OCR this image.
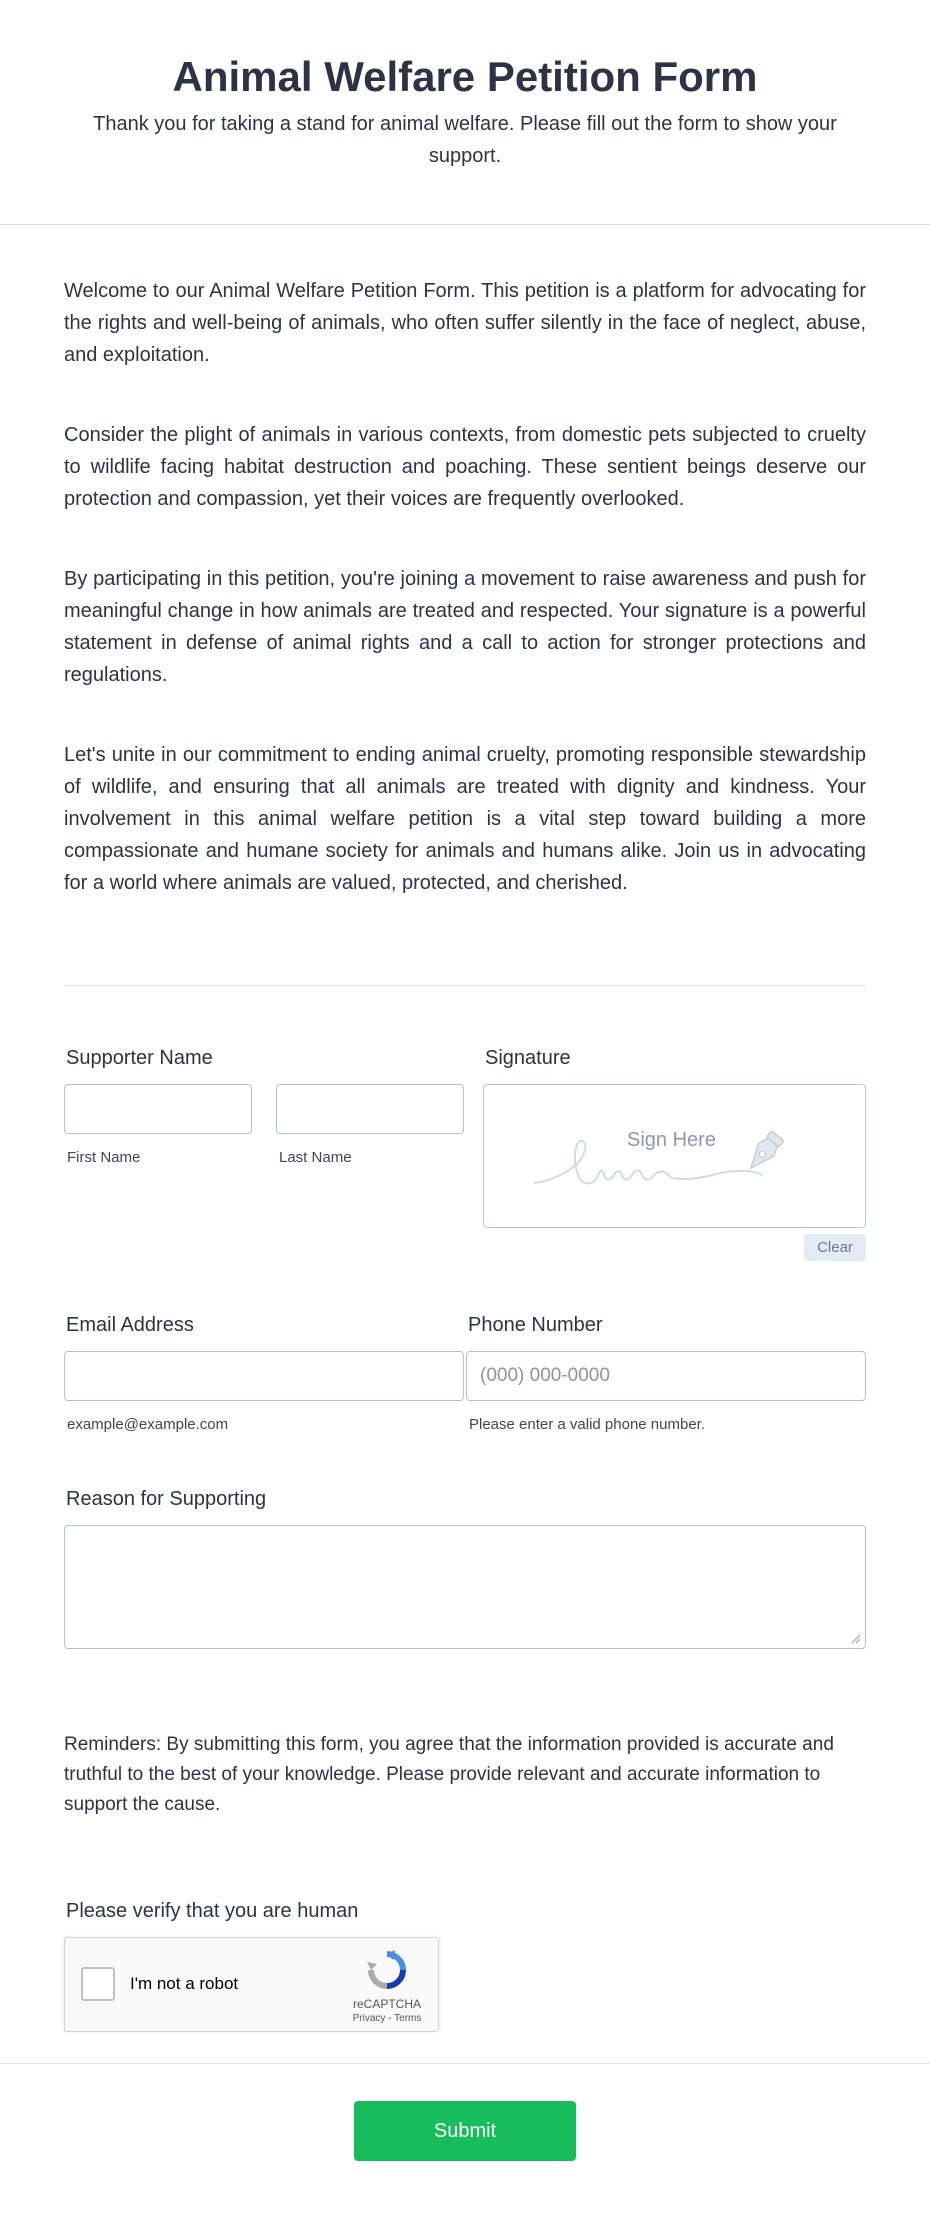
Animal Welfare Petition Form

Thank you for taking a stand for animal welfare. Please fill out the form to show your support.

Welcome to our Animal Welfare Petition Form. This petition is a platform for advocating for the rights and well-being of animals, who often suffer silently in the face of neglect, abuse, and exploitation.

Consider the plight of animals in various contexts, from domestic pets subjected to cruelty to wildlife facing habitat destruction and poaching. These sentient beings deserve our protection and compassion, yet their voices are frequently overlooked.

By participating in this petition, you're joining a movement to raise awareness and push for meaningful change in how animals are treated and respected. Your signature is a powerful statement in defense of animal rights and a call to action for stronger protections and regulations.

Let's unite in our commitment to ending animal cruelty, promoting responsible stewardship of wildlife, and ensuring that all animals are treated with dignity and kindness. Your involvement in this animal welfare petition is a vital step toward building a more compassionate and humane society for animals and humans alike. Join us in advocating for a world where animals are valued, protected, and cherished.

Supporter Name
First Name	Last Name
Signature
Sign Here
Clear
Email Address
example@example.com
Phone Number
(000) 000-0000
Please enter a valid phone number.
Reason for Supporting
Reminders: By submitting this form, you agree that the information provided is accurate and truthful to the best of your knowledge. Please provide relevant and accurate information to support the cause.
Please verify that you are human
I'm not a robot
reCAPTCHA
Privacy - Terms
Submit
